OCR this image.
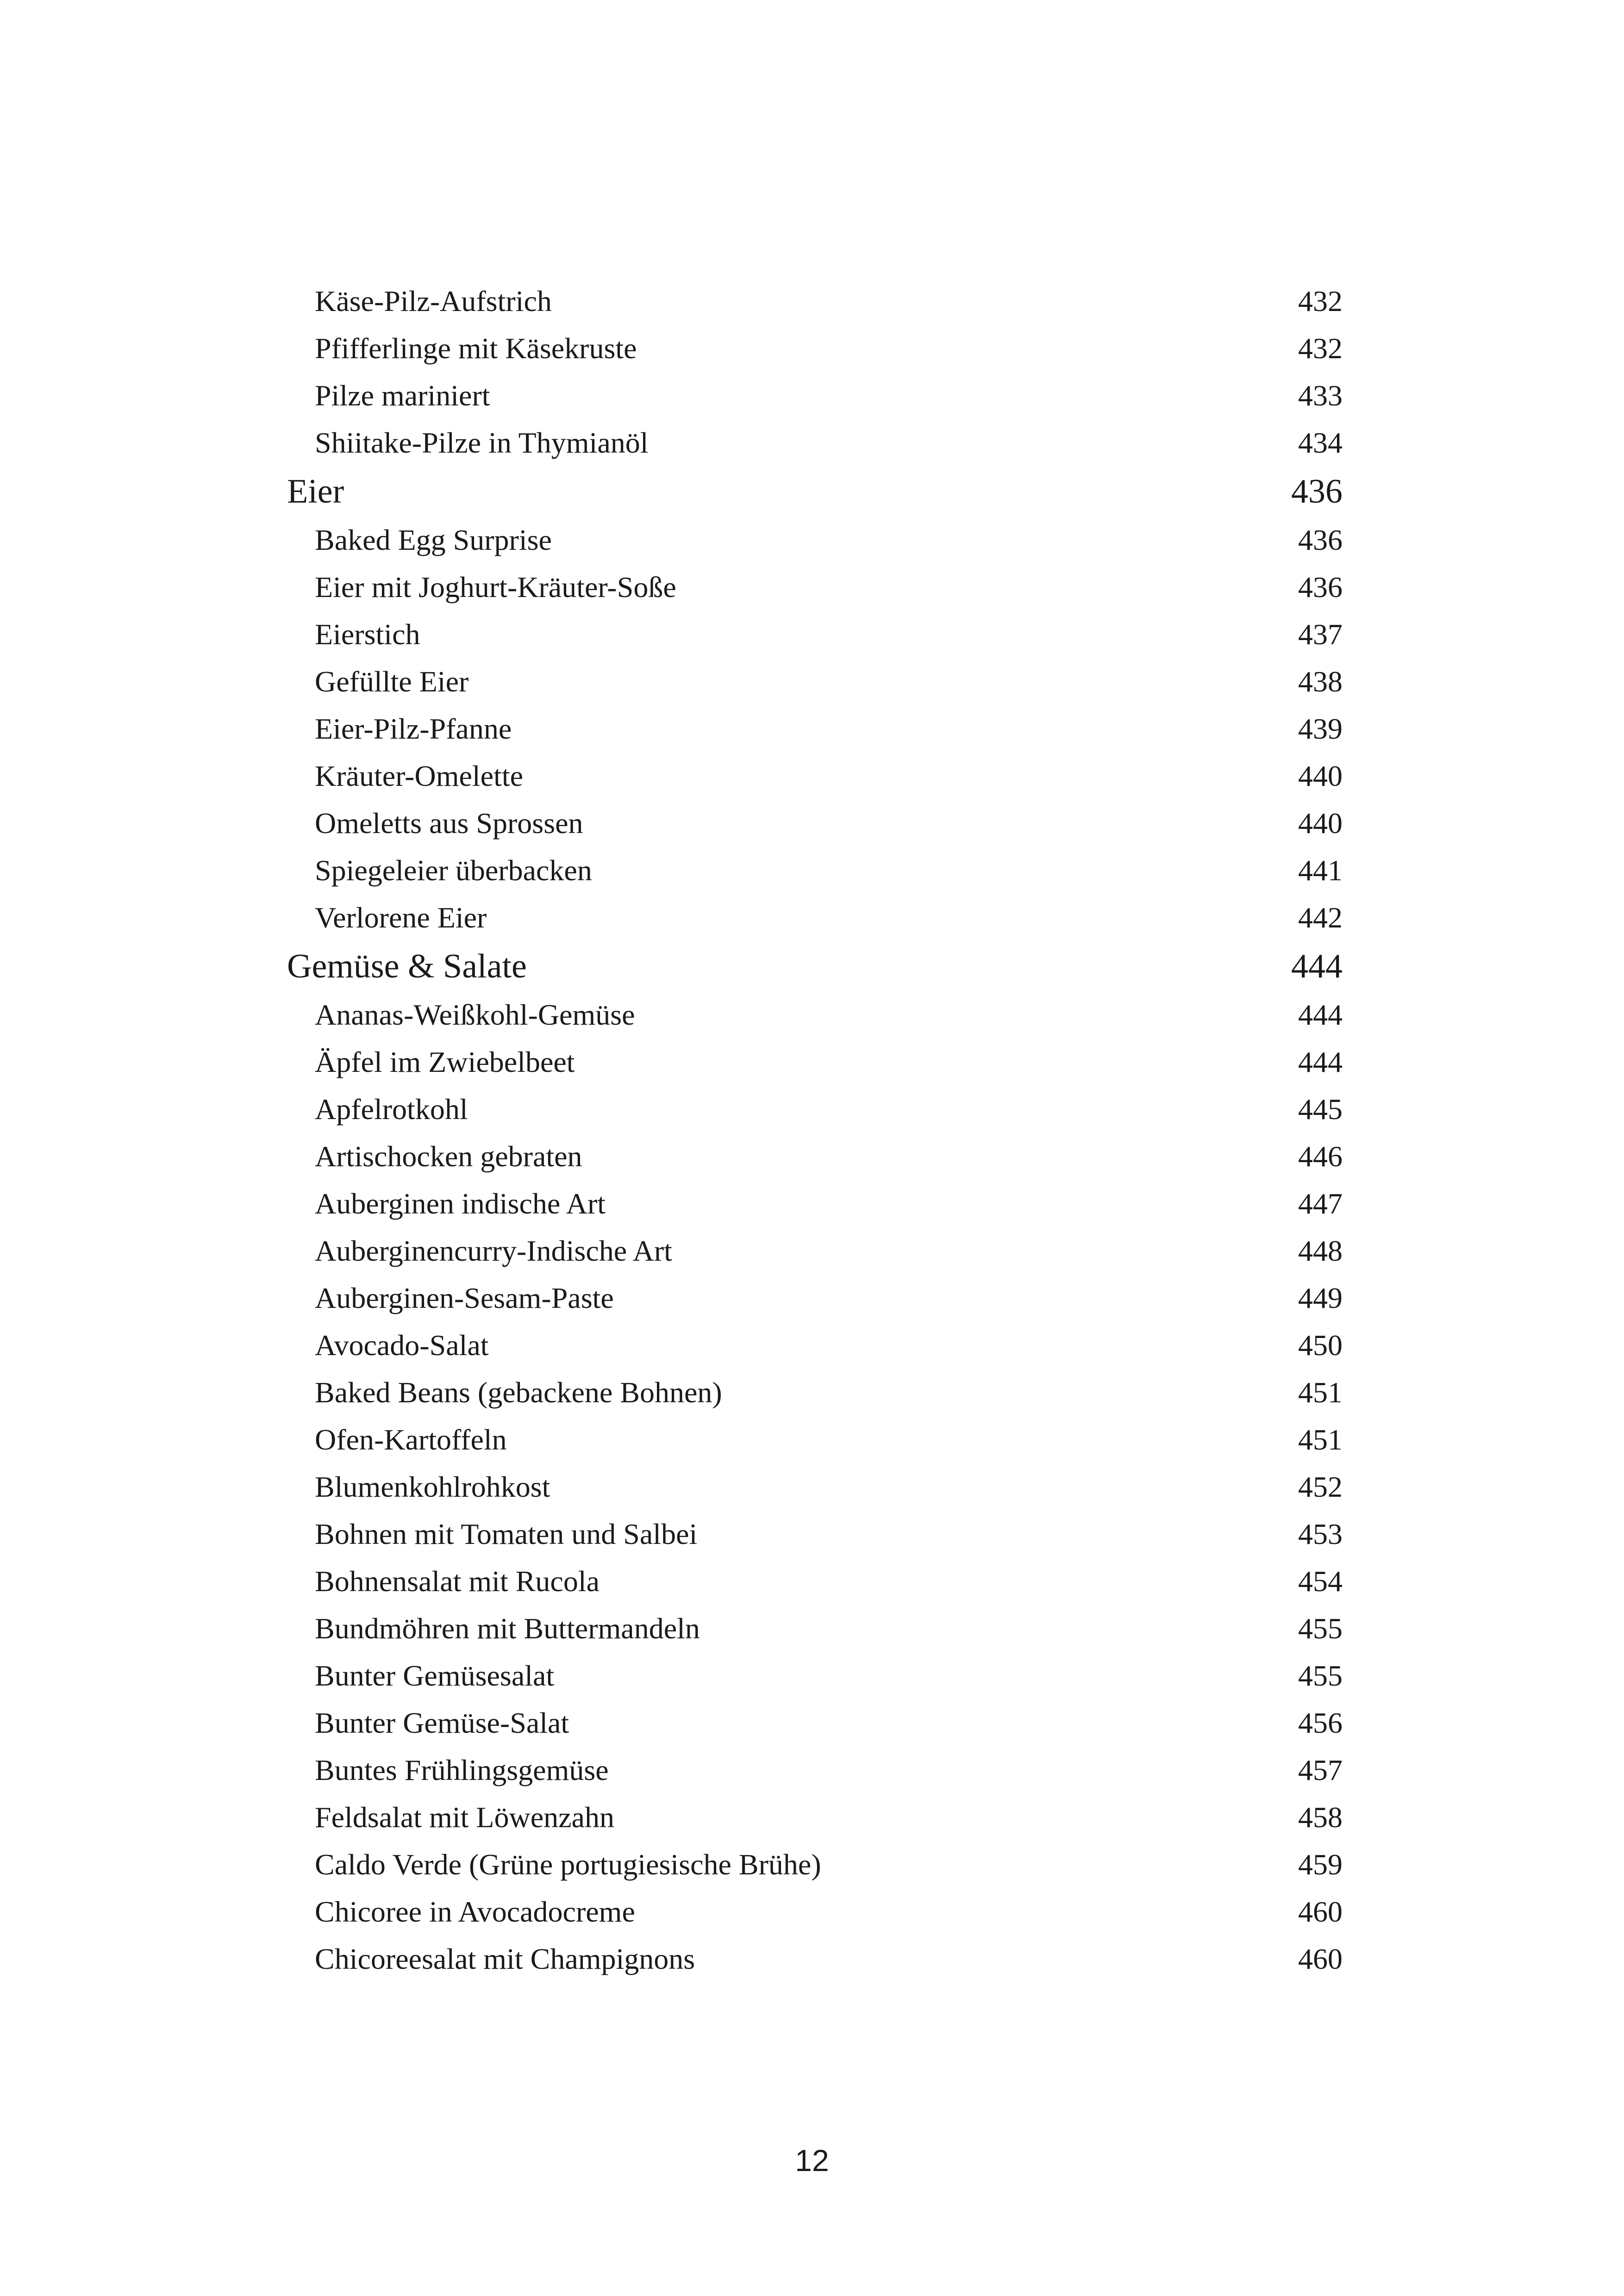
Käse-Pilz-Aufstrich	432
Pfifferlinge mit Käsekruste	432
Pilze mariniert	433
Shiitake-Pilze in Thymianöl	434
Eier	436
Baked Egg Surprise	436
Eier mit Joghurt-Kräuter-Soße	436
Eierstich	437
Gefüllte Eier	438
Eier-Pilz-Pfanne	439
Kräuter-Omelette	440
Omeletts aus Sprossen	440
Spiegeleier überbacken	441
Verlorene Eier	442
Gemüse & Salate	444
Ananas-Weißkohl-Gemüse	444
Äpfel im Zwiebelbeet	444
Apfelrotkohl	445
Artischocken gebraten	446
Auberginen indische Art	447
Auberginencurry-Indische Art	448
Auberginen-Sesam-Paste	449
Avocado-Salat	450
Baked Beans (gebackene Bohnen)	451
Ofen-Kartoffeln	451
Blumenkohlrohkost	452
Bohnen mit Tomaten und Salbei	453
Bohnensalat mit Rucola	454
Bundmöhren mit Buttermandeln	455
Bunter Gemüsesalat	455
Bunter Gemüse-Salat	456
Buntes Frühlingsgemüse	457
Feldsalat mit Löwenzahn	458
Caldo Verde (Grüne portugiesische Brühe)	459
Chicoree in Avocadocreme	460
Chicoreesalat mit Champignons	460
12
